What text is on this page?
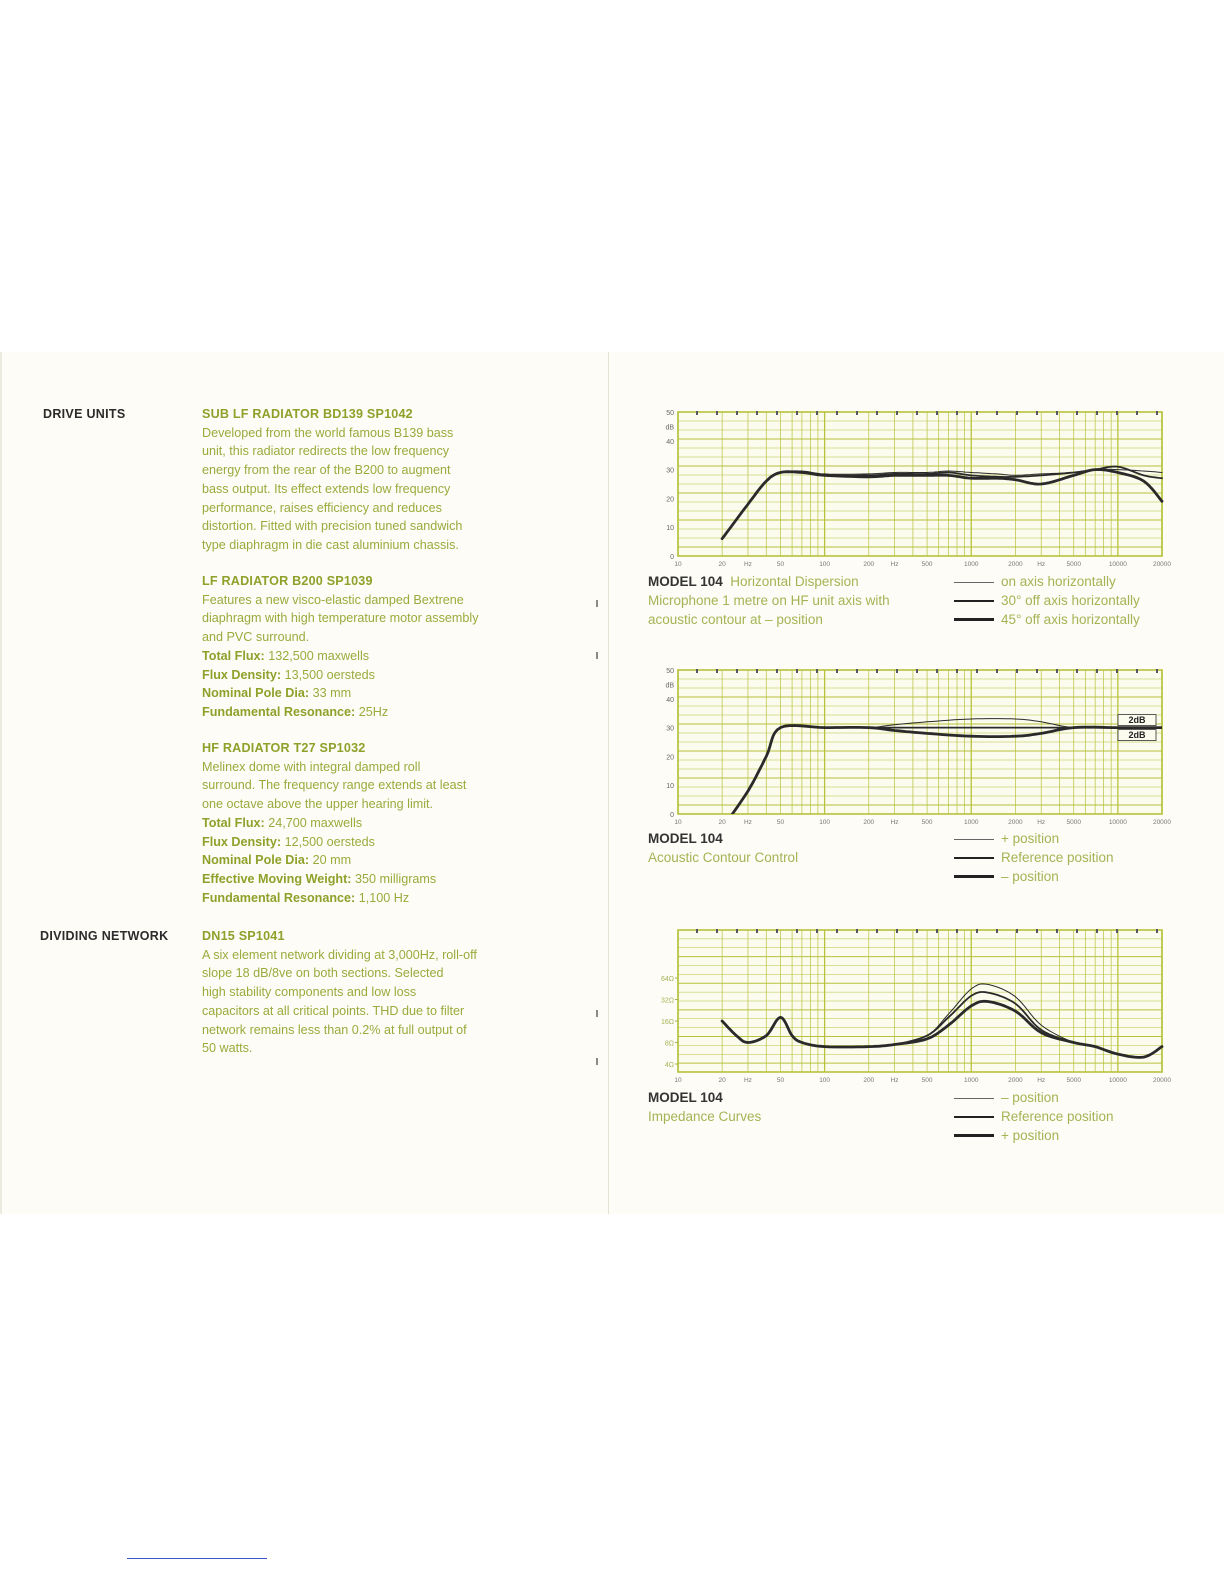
DRIVE UNITS
DIVIDING NETWORK
SUB LF RADIATOR BD139 SP1042
Developed from the world famous B139 bass
unit, this radiator redirects the low frequency
energy from the rear of the B200 to augment
bass output. Its effect extends low frequency
performance, raises efficiency and reduces
distortion. Fitted with precision tuned sandwich
type diaphragm in die cast aluminium chassis.
LF RADIATOR B200 SP1039
Features a new visco-elastic damped Bextrene
diaphragm with high temperature motor assembly
and PVC surround.
Total Flux: 132,500 maxwells
Flux Density: 13,500 oersteds
Nominal Pole Dia: 33 mm
Fundamental Resonance: 25Hz
HF RADIATOR T27 SP1032
Melinex dome with integral damped roll
surround. The frequency range extends at least
one octave above the upper hearing limit.
Total Flux: 24,700 maxwells
Flux Density: 12,500 oersteds
Nominal Pole Dia: 20 mm
Effective Moving Weight: 350 milligrams
Fundamental Resonance: 1,100 Hz
DN15 SP1041
A six element network dividing at 3,000Hz, roll-off
slope 18 dB/8ve on both sections. Selected
high stability components and low loss
capacitors at all critical points. THD due to filter
network remains less than 0.2% at full output of
50 watts.
10	20	Hz	50	100	200	Hz	500	1000	2000 Hz	5000	10000	20000
50
dB
40
30
20
10
0
MODEL 104 Horizontal Dispersion
Microphone 1 metre on HF unit axis with
acoustic contour at – position
on axis horizontally
30° off axis horizontally
45° off axis horizontally
10	20	Hz	50	100	200	Hz	500	1000	2000 Hz	5000	10000	20000
50
dB
40
30
20
10
0
2dB
2dB
MODEL 104
Acoustic Contour Control
+ position
Reference position
– position
10	20	Hz	50	100	200	Hz	500	1000	2000 Hz	5000	10000	20000
64Ω
32Ω
16Ω
8Ω
4Ω
MODEL 104
Impedance Curves
– position
Reference position
+ position
